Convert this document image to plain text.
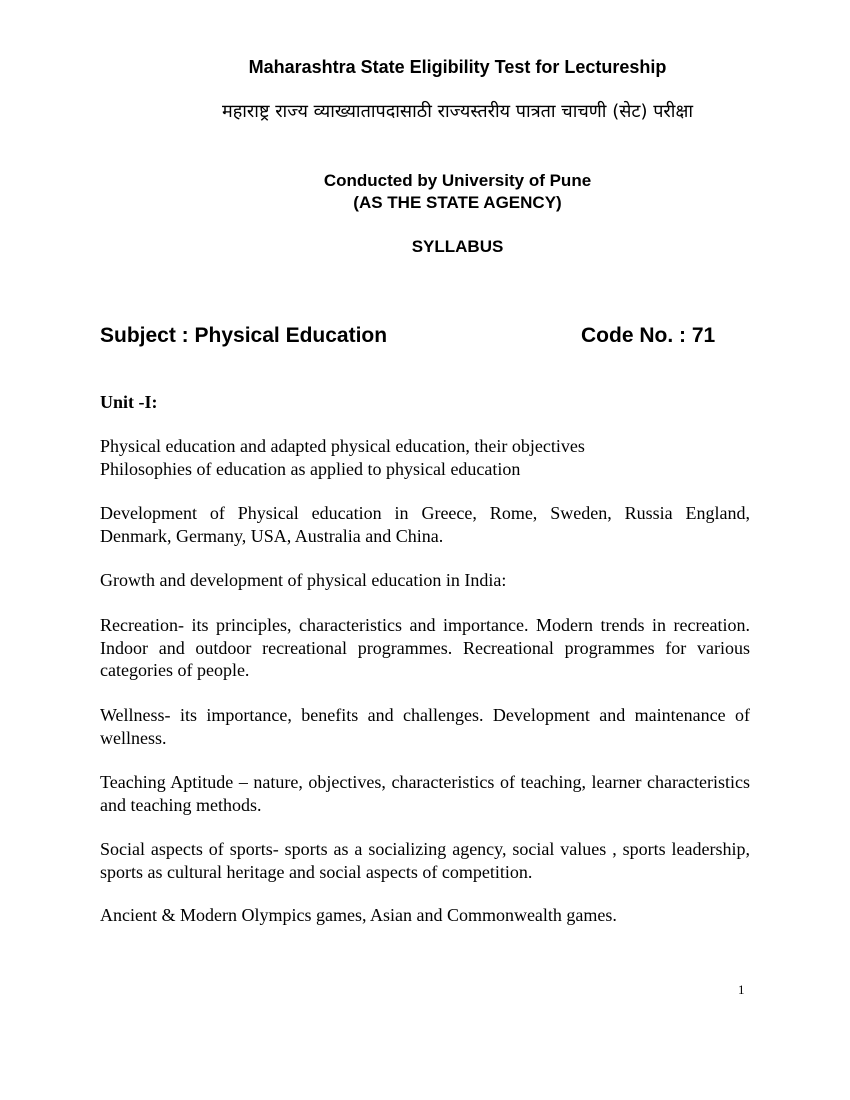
Maharashtra State Eligibility Test for Lectureship
महाराष्ट्र राज्य व्याख्यातापदासाठी राज्यस्तरीय पात्रता चाचणी (सेट) परीक्षा
Conducted by University of Pune
(AS THE STATE AGENCY)
SYLLABUS
Subject : Physical Education	Code No. : 71
Unit -I:
Physical education and adapted physical education, their objectives
Philosophies of education as applied to physical education
Development of Physical education in Greece, Rome, Sweden, Russia England, Denmark, Germany, USA, Australia and China.
Growth and development of physical education in India:
Recreation- its principles, characteristics and importance. Modern trends in recreation. Indoor and outdoor recreational programmes. Recreational programmes for various categories of people.
Wellness- its importance, benefits and challenges. Development and maintenance of wellness.
Teaching Aptitude – nature, objectives, characteristics of teaching, learner characteristics and teaching methods.
Social aspects of sports- sports as a socializing agency, social values , sports leadership, sports as cultural heritage and social aspects of competition.
Ancient & Modern Olympics games, Asian and Commonwealth games.
1
